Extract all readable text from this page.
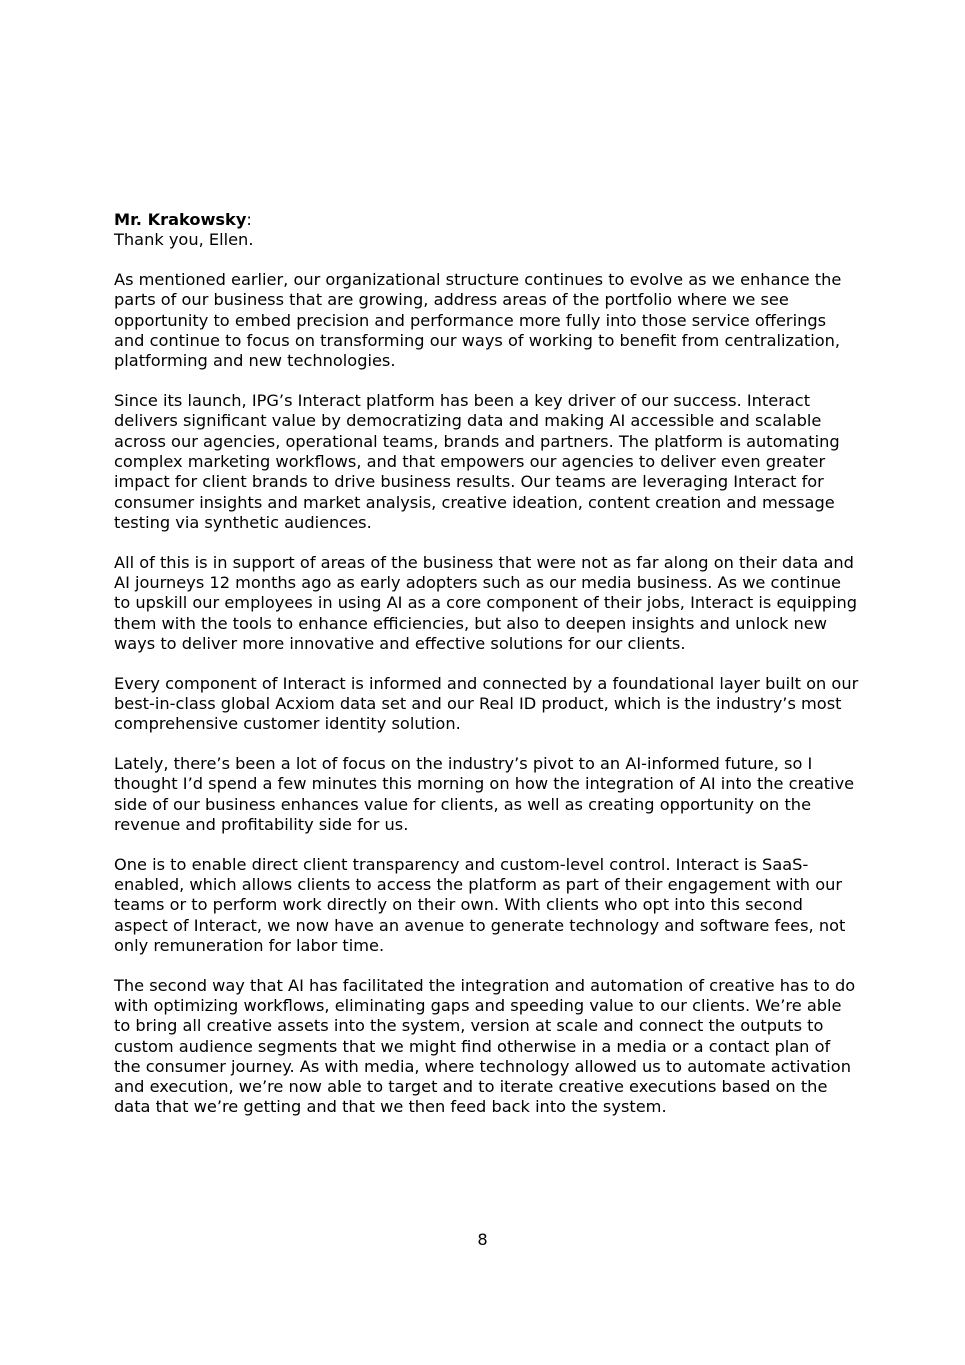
Mr. Krakowsky:

Thank you, Ellen.

As mentioned earlier, our organizational structure continues to evolve as we enhance the parts of our business that are growing, address areas of the portfolio where we see opportunity to embed precision and performance more fully into those service offerings and continue to focus on transforming our ways of working to benefit from centralization, platforming and new technologies.

Since its launch, IPG’s Interact platform has been a key driver of our success. Interact delivers significant value by democratizing data and making AI accessible and scalable across our agencies, operational teams, brands and partners. The platform is automating complex marketing workflows, and that empowers our agencies to deliver even greater impact for client brands to drive business results. Our teams are leveraging Interact for consumer insights and market analysis, creative ideation, content creation and message testing via synthetic audiences.

All of this is in support of areas of the business that were not as far along on their data and AI journeys 12 months ago as early adopters such as our media business. As we continue to upskill our employees in using AI as a core component of their jobs, Interact is equipping them with the tools to enhance efficiencies, but also to deepen insights and unlock new ways to deliver more innovative and effective solutions for our clients.

Every component of Interact is informed and connected by a foundational layer built on our best-in-class global Acxiom data set and our Real ID product, which is the industry’s most comprehensive customer identity solution.

Lately, there’s been a lot of focus on the industry’s pivot to an AI-informed future, so I thought I’d spend a few minutes this morning on how the integration of AI into the creative side of our business enhances value for clients, as well as creating opportunity on the revenue and profitability side for us.

One is to enable direct client transparency and custom-level control. Interact is SaaS-enabled, which allows clients to access the platform as part of their engagement with our teams or to perform work directly on their own. With clients who opt into this second aspect of Interact, we now have an avenue to generate technology and software fees, not only remuneration for labor time.

The second way that AI has facilitated the integration and automation of creative has to do with optimizing workflows, eliminating gaps and speeding value to our clients. We’re able to bring all creative assets into the system, version at scale and connect the outputs to custom audience segments that we might find otherwise in a media or a contact plan of the consumer journey. As with media, where technology allowed us to automate activation and execution, we’re now able to target and to iterate creative executions based on the data that we’re getting and that we then feed back into the system.

8
